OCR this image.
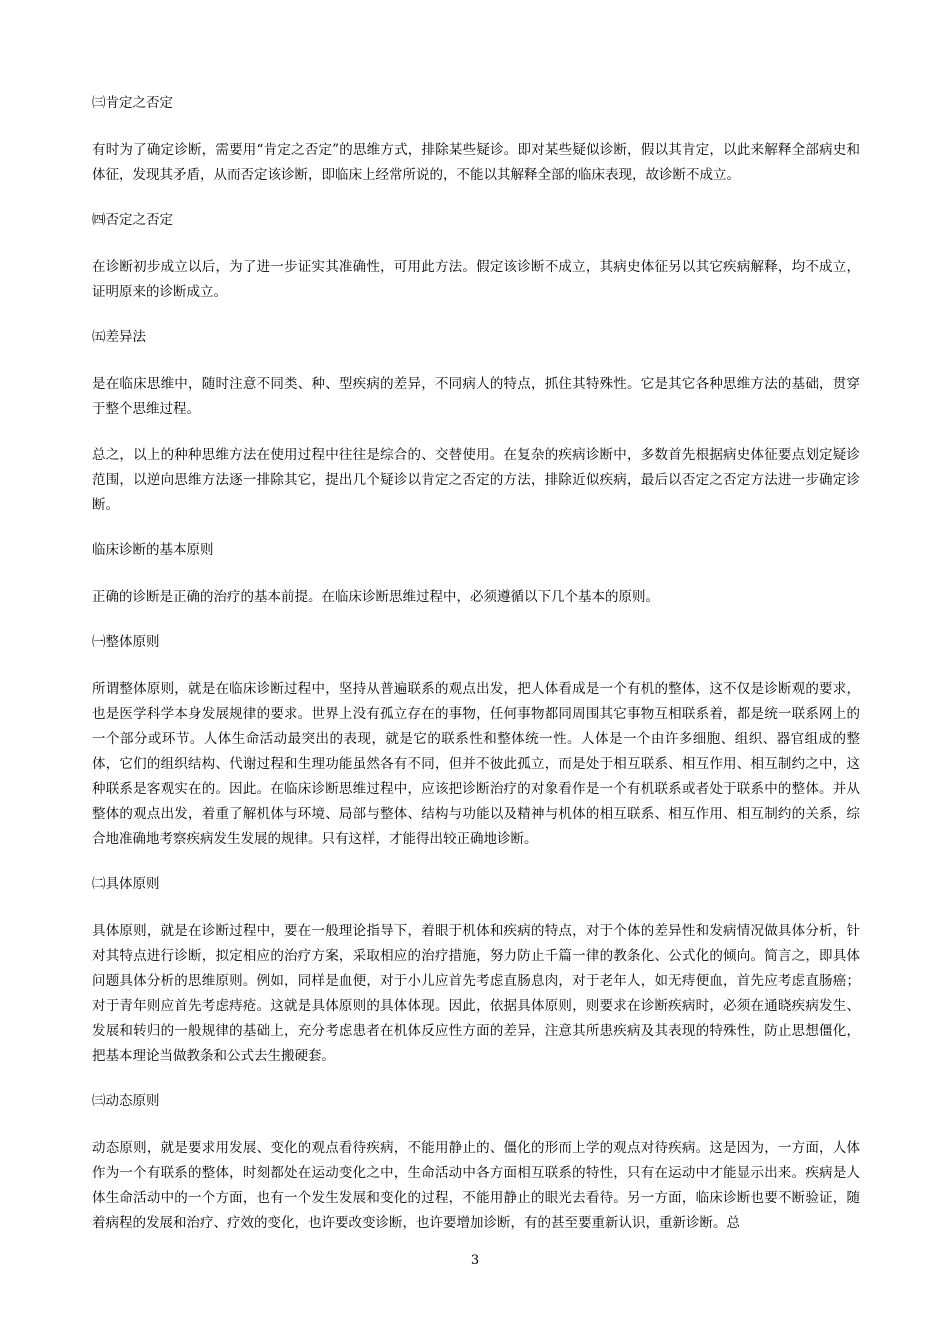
㈢肯定之否定

有时为了确定诊断，需要用“肯定之否定”的思维方式，排除某些疑诊。即对某些疑似诊断，假以其肯定，以此来解释全部病史和体征，发现其矛盾，从而否定该诊断，即临床上经常所说的，不能以其解释全部的临床表现，故诊断不成立。

㈣否定之否定

在诊断初步成立以后，为了进一步证实其准确性，可用此方法。假定该诊断不成立，其病史体征另以其它疾病解释，均不成立，证明原来的诊断成立。

㈤差异法

是在临床思维中，随时注意不同类、种、型疾病的差异，不同病人的特点，抓住其特殊性。它是其它各种思维方法的基础，贯穿于整个思维过程。

总之，以上的种种思维方法在使用过程中往往是综合的、交替使用。在复杂的疾病诊断中，多数首先根据病史体征要点划定疑诊范围，以逆向思维方法逐一排除其它，提出几个疑诊以肯定之否定的方法，排除近似疾病，最后以否定之否定方法进一步确定诊断。

临床诊断的基本原则

正确的诊断是正确的治疗的基本前提。在临床诊断思维过程中，必须遵循以下几个基本的原则。

㈠整体原则

所谓整体原则，就是在临床诊断过程中，坚持从普遍联系的观点出发，把人体看成是一个有机的整体，这不仅是诊断观的要求，也是医学科学本身发展规律的要求。世界上没有孤立存在的事物，任何事物都同周围其它事物互相联系着，都是统一联系网上的一个部分或环节。人体生命活动最突出的表现，就是它的联系性和整体统一性。人体是一个由许多细胞、组织、器官组成的整体，它们的组织结构、代谢过程和生理功能虽然各有不同，但并不彼此孤立，而是处于相互联系、相互作用、相互制约之中，这种联系是客观实在的。因此。在临床诊断思维过程中，应该把诊断治疗的对象看作是一个有机联系或者处于联系中的整体。并从整体的观点出发，着重了解机体与环境、局部与整体、结构与功能以及精神与机体的相互联系、相互作用、相互制约的关系，综合地准确地考察疾病发生发展的规律。只有这样，才能得出较正确地诊断。

㈡具体原则

具体原则，就是在诊断过程中，要在一般理论指导下，着眼于机体和疾病的特点，对于个体的差异性和发病情况做具体分析，针对其特点进行诊断，拟定相应的治疗方案，采取相应的治疗措施，努力防止千篇一律的教条化、公式化的倾向。简言之，即具体问题具体分析的思维原则。例如，同样是血便，对于小儿应首先考虑直肠息肉，对于老年人，如无痔便血，首先应考虑直肠癌；对于青年则应首先考虑痔疮。这就是具体原则的具体体现。因此，依据具体原则，则要求在诊断疾病时，必须在通晓疾病发生、发展和转归的一般规律的基础上，充分考虑患者在机体反应性方面的差异，注意其所患疾病及其表现的特殊性，防止思想僵化，把基本理论当做教条和公式去生搬硬套。

㈢动态原则

动态原则，就是要求用发展、变化的观点看待疾病，不能用静止的、僵化的形而上学的观点对待疾病。这是因为，一方面，人体作为一个有联系的整体，时刻都处在运动变化之中，生命活动中各方面相互联系的特性，只有在运动中才能显示出来。疾病是人体生命活动中的一个方面，也有一个发生发展和变化的过程，不能用静止的眼光去看待。另一方面，临床诊断也要不断验证，随着病程的发展和治疗、疗效的变化，也许要改变诊断，也许要增加诊断，有的甚至要重新认识，重新诊断。总

3
